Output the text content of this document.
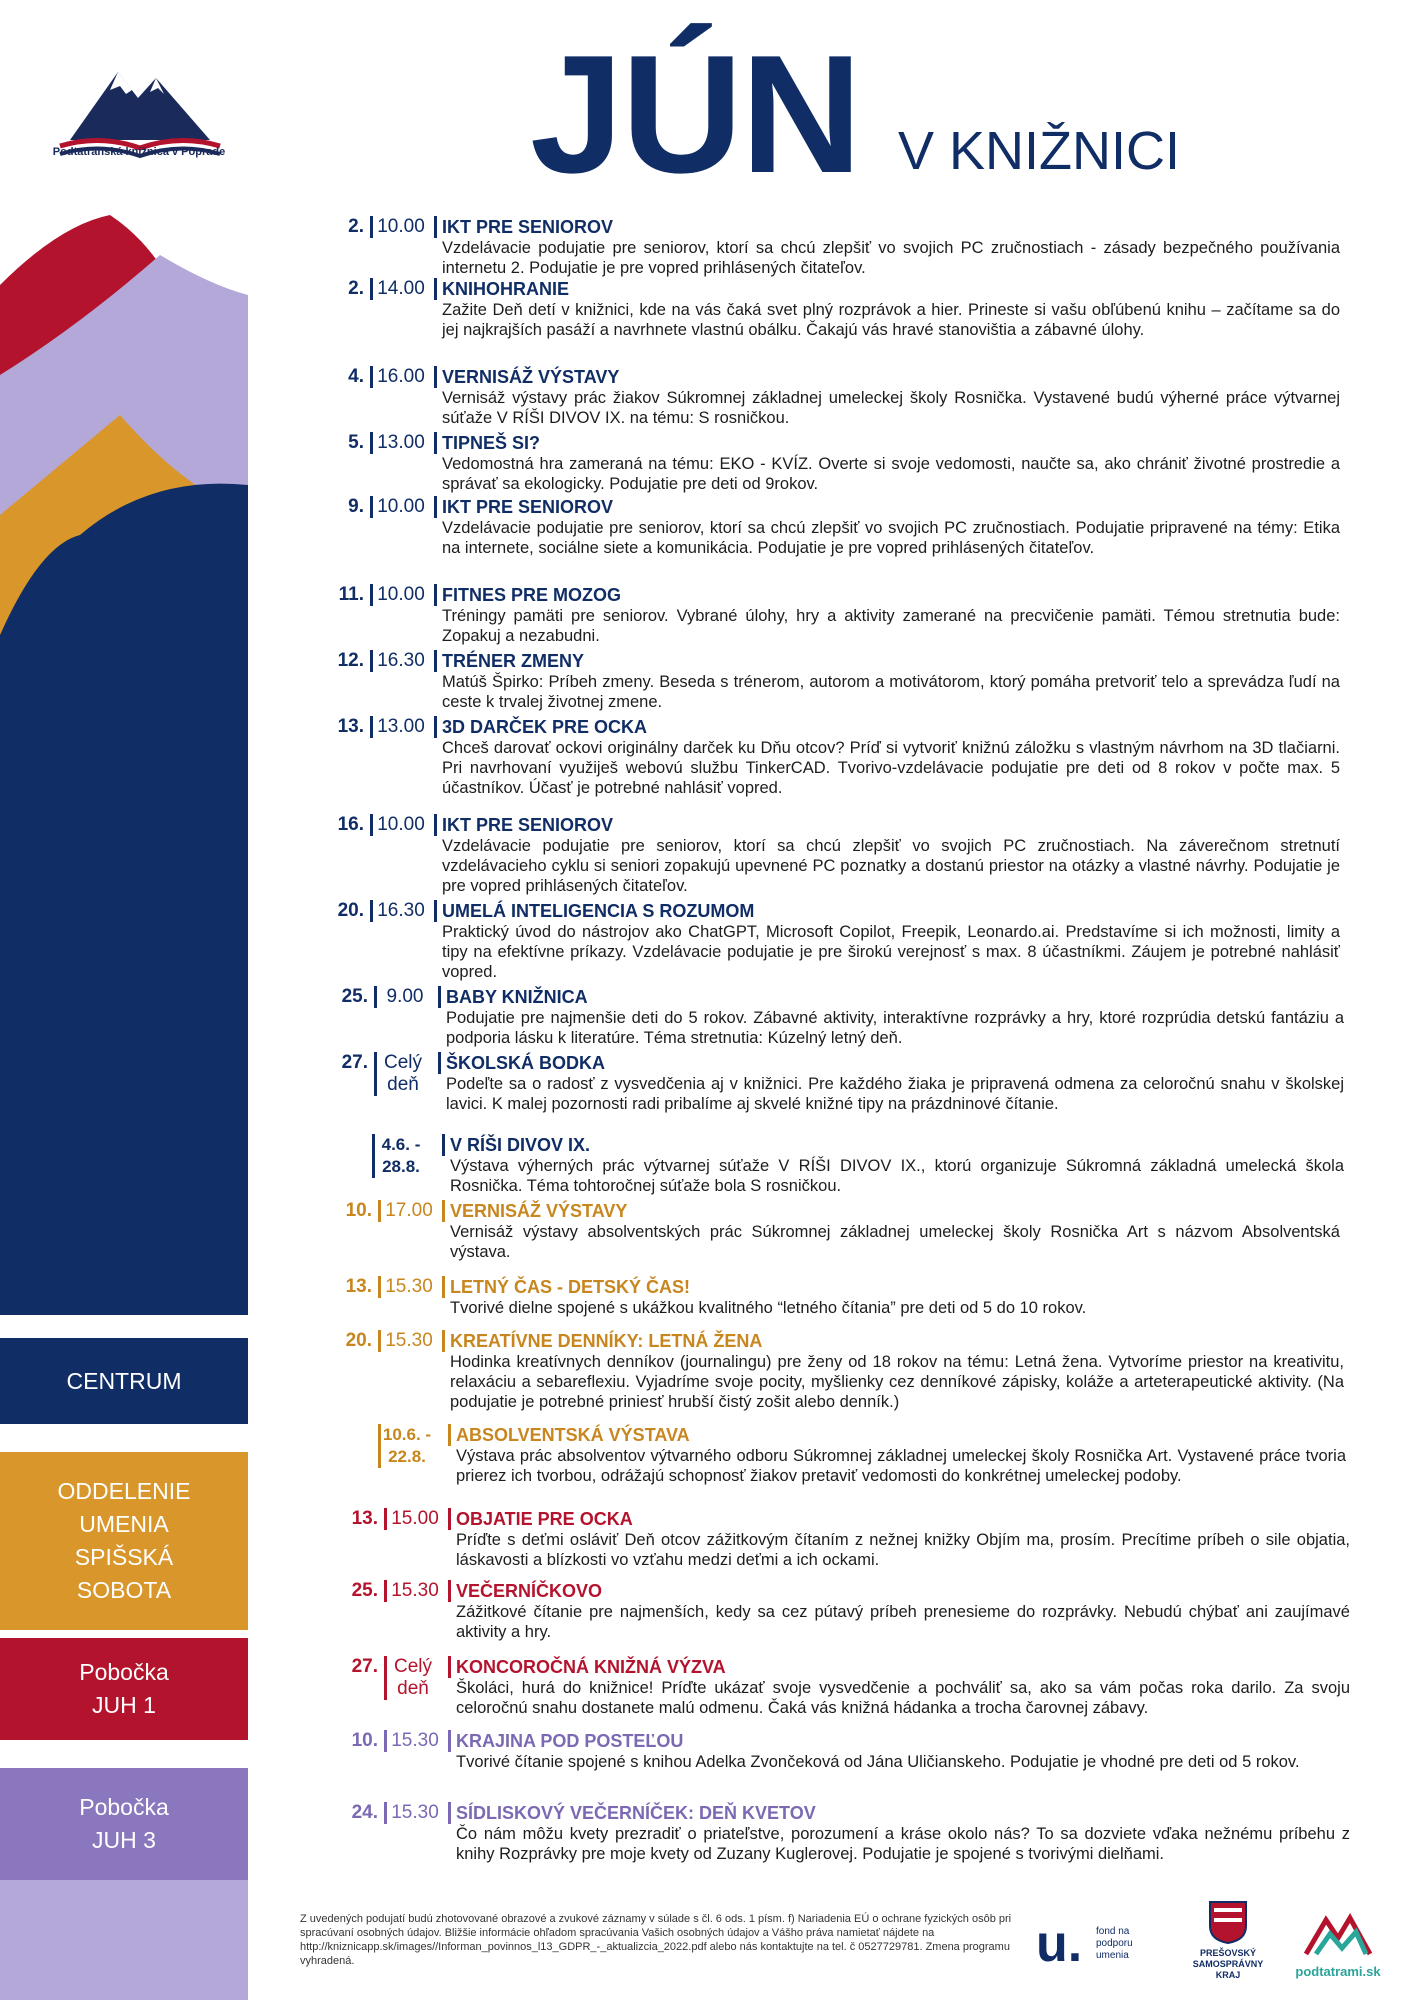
Podtatranská knižnica v Poprade JÚN V KNIŽNICI
CENTRUM
ODDELENIE
UMENIA
SPIŠSKÁ
SOBOTA
Pobočka
JUH 1
Pobočka
JUH 3
2. 10.00 IKT PRE SENIOROV
Vzdelávacie podujatie pre seniorov, ktorí sa chcú zlepšiť vo svojich PC zručnostiach - zásady bezpečného používania internetu 2. Podujatie je pre vopred prihlásených čitateľov.
2. 14.00 KNIHOHRANIE
Zažite Deň detí v knižnici, kde na vás čaká svet plný rozprávok a hier. Prineste si vašu obľúbenú knihu – začítame sa do jej najkrajších pasáží a navrhnete vlastnú obálku. Čakajú vás hravé stanovištia a zábavné úlohy.
4. 16.00 VERNISÁŽ VÝSTAVY
Vernisáž výstavy prác žiakov Súkromnej základnej umeleckej školy Rosnička. Vystavené budú výherné práce výtvarnej súťaže V RÍŠI DIVOV IX. na tému: S rosničkou.
5. 13.00 TIPNEŠ SI?
Vedomostná hra zameraná na tému: EKO - KVÍZ. Overte si svoje vedomosti, naučte sa, ako chrániť životné prostredie a správať sa ekologicky. Podujatie pre deti od 9rokov.
9. 10.00 IKT PRE SENIOROV
Vzdelávacie podujatie pre seniorov, ktorí sa chcú zlepšiť vo svojich PC zručnostiach. Podujatie pripravené na témy: Etika na internete, sociálne siete a komunikácia. Podujatie je pre vopred prihlásených čitateľov.
11. 10.00 FITNES PRE MOZOG
Tréningy pamäti pre seniorov. Vybrané úlohy, hry a aktivity zamerané na precvičenie pamäti. Témou stretnutia bude: Zopakuj a nezabudni.
12. 16.30 TRÉNER ZMENY
Matúš Špirko: Príbeh zmeny. Beseda s trénerom, autorom a motivátorom, ktorý pomáha pretvoriť telo a sprevádza ľudí na ceste k trvalej životnej zmene.
13. 13.00 3D DARČEK PRE OCKA
Chceš darovať ockovi originálny darček ku Dňu otcov? Príď si vytvoriť knižnú záložku s vlastným návrhom na 3D tlačiarni. Pri navrhovaní využiješ webovú službu TinkerCAD. Tvorivo-vzdelávacie podujatie pre deti od 8 rokov v počte max. 5 účastníkov. Účasť je potrebné nahlásiť vopred.
16. 10.00 IKT PRE SENIOROV
Vzdelávacie podujatie pre seniorov, ktorí sa chcú zlepšiť vo svojich PC zručnostiach. Na záverečnom stretnutí vzdelávacieho cyklu si seniori zopakujú upevnené PC poznatky a dostanú priestor na otázky a vlastné návrhy. Podujatie je pre vopred prihlásených čitateľov.
20. 16.30 UMELÁ INTELIGENCIA S ROZUMOM
Praktický úvod do nástrojov ako ChatGPT, Microsoft Copilot, Freepik, Leonardo.ai. Predstavíme si ich možnosti, limity a tipy na efektívne príkazy. Vzdelávacie podujatie je pre širokú verejnosť s max. 8 účastníkmi. Záujem je potrebné nahlásiť vopred.
25. 9.00	BABY KNIŽNICA
Podujatie pre najmenšie deti do 5 rokov. Zábavné aktivity, interaktívne rozprávky a hry, ktoré rozprúdia detskú fantáziu a podporia lásku k literatúre. Téma stretnutia: Kúzelný letný deň.
27. Celý deň
ŠKOLSKÁ BODKA
Podeľte sa o radosť z vysvedčenia aj v knižnici. Pre každého žiaka je pripravená odmena za celoročnú snahu v školskej lavici. K malej pozornosti radi pribalíme aj skvelé knižné tipy na prázdninové čítanie.
4.6. - 28.8.
V RÍŠI DIVOV IX.
Výstava výherných prác výtvarnej súťaže V RÍŠI DIVOV IX., ktorú organizuje Súkromná základná umelecká škola Rosnička. Téma tohtoročnej súťaže bola S rosničkou.
10. 17.00 VERNISÁŽ VÝSTAVY
Vernisáž výstavy absolventských prác Súkromnej základnej umeleckej školy Rosnička Art s názvom Absolventská výstava.
13. 15.30 LETNÝ ČAS - DETSKÝ ČAS!
Tvorivé dielne spojené s ukážkou kvalitného “letného čítania” pre deti od 5 do 10 rokov.
20. 15.30 KREATÍVNE DENNÍKY: LETNÁ ŽENA
Hodinka kreatívnych denníkov (journalingu) pre ženy od 18 rokov na tému: Letná žena. Vytvoríme priestor na kreativitu, relaxáciu a sebareflexiu. Vyjadríme svoje pocity, myšlienky cez denníkové zápisky, koláže a arteterapeutické aktivity. (Na podujatie je potrebné priniesť hrubší čistý zošit alebo denník.)
10.6. - 22.8.
ABSOLVENTSKÁ VÝSTAVA
Výstava prác absolventov výtvarného odboru Súkromnej základnej umeleckej školy Rosnička Art. Vystavené práce tvoria prierez ich tvorbou, odrážajú schopnosť žiakov pretaviť vedomosti do konkrétnej umeleckej podoby.
13. 15.00 OBJATIE PRE OCKA
Príďte s deťmi osláviť Deň otcov zážitkovým čítaním z nežnej knižky Objím ma, prosím. Precítime príbeh o sile objatia, láskavosti a blízkosti vo vzťahu medzi deťmi a ich ockami.
25. 15.30 VEČERNÍČKOVO
Zážitkové čítanie pre najmenších, kedy sa cez pútavý príbeh prenesieme do rozprávky. Nebudú chýbať ani zaujímavé aktivity a hry.
27. Celý deň
KONCOROČNÁ KNIŽNÁ VÝZVA
Školáci, hurá do knižnice! Príďte ukázať svoje vysvedčenie a pochváliť sa, ako sa vám počas roka darilo. Za svoju celoročnú snahu dostanete malú odmenu. Čaká vás knižná hádanka a trocha čarovnej zábavy.
10. 15.30 KRAJINA POD POSTEĽOU
Tvorivé čítanie spojené s knihou Adelka Zvončeková od Jána Uličianskeho. Podujatie je vhodné pre deti od 5 rokov.
24. 15.30 SÍDLISKOVÝ VEČERNÍČEK: DEŇ KVETOV
Čo nám môžu kvety prezradiť o priateľstve, porozumení a kráse okolo nás? To sa dozviete vďaka nežnému príbehu z knihy Rozprávky pre moje kvety od Zuzany Kuglerovej. Podujatie je spojené s tvorivými dielňami.
Z uvedených podujatí budú zhotovované obrazové a zvukové záznamy v súlade s čl. 6 ods. 1 písm. f) Nariadenia EÚ o ochrane fyzických osôb pri spracúvaní osobných údajov. Bližšie informácie ohľadom spracúvania Vašich osobných údajov a Vášho práva namietať nájdete na http://kniznicapp.sk/images//Informan_povinnos_l13_GDPR_-_aktualizcia_2022.pdf alebo nás kontaktujte na tel. č 0527729781. Zmena programu vyhradená.	u. fond na podporu umenia	PREŠOVSKÝ SAMOSPRÁVNY KRAJ	podtatrami.sk
